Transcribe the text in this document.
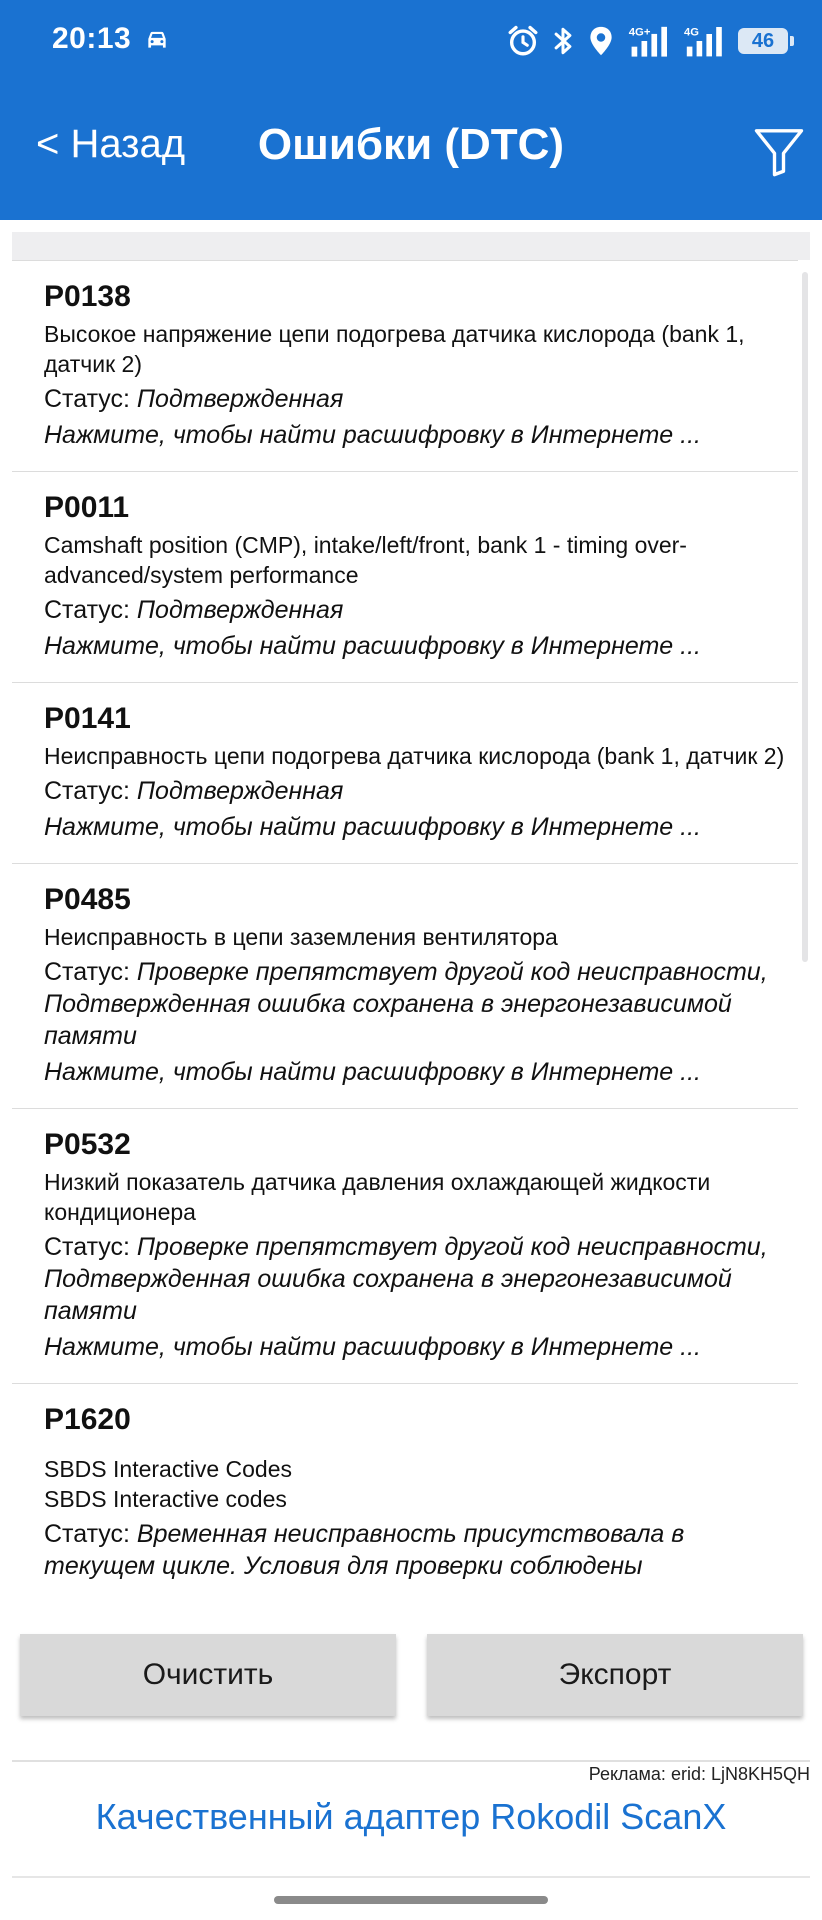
20:13	4G+	4G	46
< Назад	Ошибки (DTC)
P0138
Высокое напряжение цепи подогрева датчика кислорода (bank 1, датчик 2)
Статус: Подтвержденная
Нажмите, чтобы найти расшифровку в Интернете ...
P0011
Camshaft position (CMP), intake/left/front, bank 1 - timing over-advanced/system performance
Статус: Подтвержденная
Нажмите, чтобы найти расшифровку в Интернете ...
P0141
Неисправность цепи подогрева датчика кислорода (bank 1, датчик 2)
Статус: Подтвержденная
Нажмите, чтобы найти расшифровку в Интернете ...
P0485
Неисправность в цепи заземления вентилятора
Статус: Проверке препятствует другой код неисправности, Подтвержденная ошибка сохранена в энергонезависимой памяти
Нажмите, чтобы найти расшифровку в Интернете ...
P0532
Низкий показатель датчика давления охлаждающей жидкости кондиционера
Статус: Проверке препятствует другой код неисправности, Подтвержденная ошибка сохранена в энергонезависимой памяти
Нажмите, чтобы найти расшифровку в Интернете ...
P1620
SBDS Interactive Codes
SBDS Interactive codes
Статус: Временная неисправность присутствовала в текущем цикле. Условия для проверки соблюдены
Очистить	Экспорт
Реклама: erid: LjN8KH5QH
Качественный адаптер Rokodil ScanX
